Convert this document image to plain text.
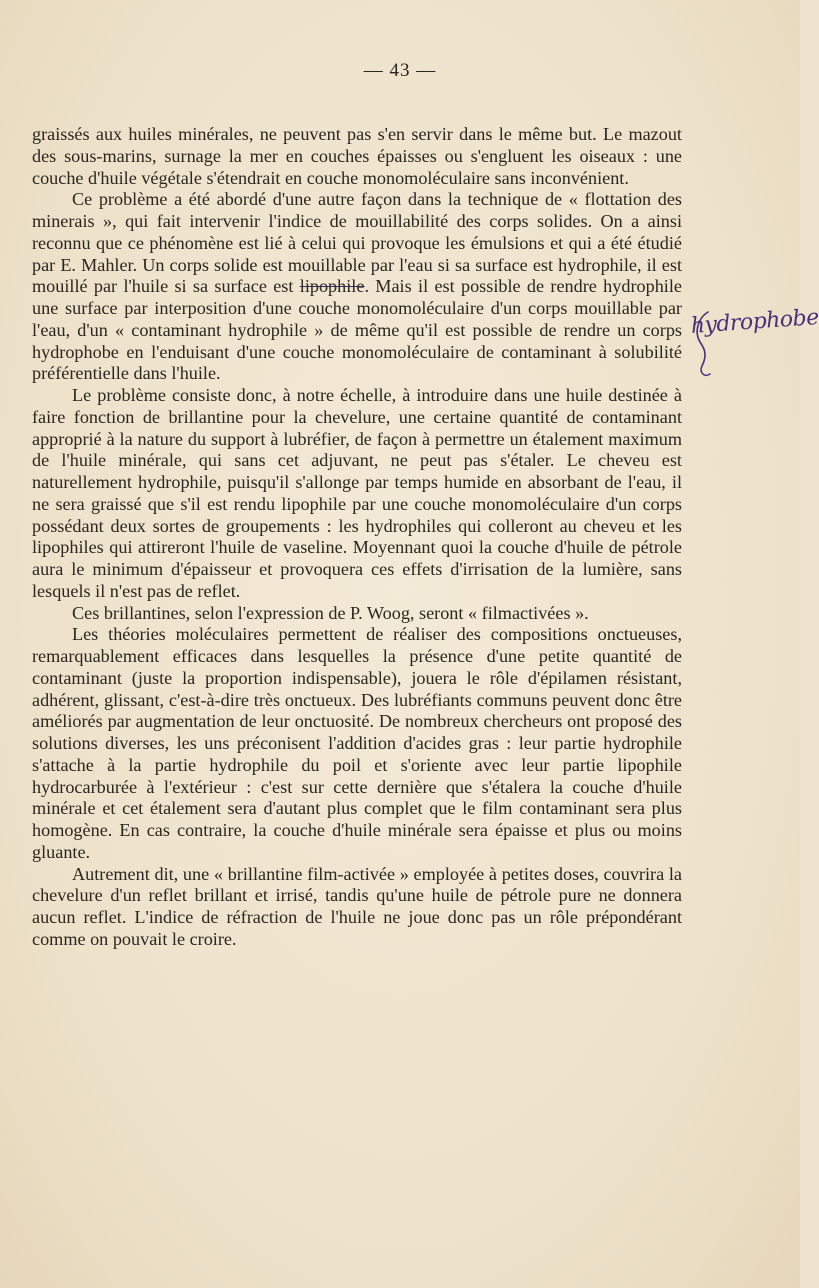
— 43 —

graissés aux huiles minérales, ne peuvent pas s'en servir dans le même but. Le mazout des sous-marins, surnage la mer en couches épaisses ou s'engluent les oiseaux : une couche d'huile végétale s'étendrait en couche monomoléculaire sans inconvénient.

Ce problème a été abordé d'une autre façon dans la technique de « flottation des minerais », qui fait intervenir l'indice de mouillabilité des corps solides. On a ainsi reconnu que ce phénomène est lié à celui qui provoque les émulsions et qui a été étudié par E. Mahler. Un corps solide est mouillable par l'eau si sa surface est hydrophile, il est mouillé par l'huile si sa surface est lipophile. Mais il est possible de rendre hydrophile une surface par interposition d'une couche monomoléculaire d'un corps mouillable par l'eau, d'un « contaminant hydrophile » de même qu'il est possible de rendre un corps hydrophobe en l'enduisant d'une couche monomoléculaire de contaminant à solubilité préférentielle dans l'huile.

Le problème consiste donc, à notre échelle, à introduire dans une huile destinée à faire fonction de brillantine pour la chevelure, une certaine quantité de contaminant approprié à la nature du support à lubréfier, de façon à permettre un étalement maximum de l'huile minérale, qui sans cet adjuvant, ne peut pas s'étaler. Le cheveu est naturellement hydrophile, puisqu'il s'allonge par temps humide en absorbant de l'eau, il ne sera graissé que s'il est rendu lipophile par une couche monomoléculaire d'un corps possédant deux sortes de groupements : les hydrophiles qui colleront au cheveu et les lipophiles qui attireront l'huile de vaseline. Moyennant quoi la couche d'huile de pétrole aura le minimum d'épaisseur et provoquera ces effets d'irrisation de la lumière, sans lesquels il n'est pas de reflet.

Ces brillantines, selon l'expression de P. Woog, seront « filmactivées ».

Les théories moléculaires permettent de réaliser des compositions onctueuses, remarquablement efficaces dans lesquelles la présence d'une petite quantité de contaminant (juste la proportion indispensable), jouera le rôle d'épilamen résistant, adhérent, glissant, c'est-à-dire très onctueux. Des lubréfiants communs peuvent donc être améliorés par augmentation de leur onctuosité. De nombreux chercheurs ont proposé des solutions diverses, les uns préconisent l'addition d'acides gras : leur partie hydrophile s'attache à la partie hydrophile du poil et s'oriente avec leur partie lipophile hydrocarburée à l'extérieur : c'est sur cette dernière que s'étalera la couche d'huile minérale et cet étalement sera d'autant plus complet que le film contaminant sera plus homogène. En cas contraire, la couche d'huile minérale sera épaisse et plus ou moins gluante.

Autrement dit, une « brillantine film-activée » employée à petites doses, couvrira la chevelure d'un reflet brillant et irrisé, tandis qu'une huile de pétrole pure ne donnera aucun reflet. L'indice de réfraction de l'huile ne joue donc pas un rôle prépondérant comme on pouvait le croire.

hydrophobe
